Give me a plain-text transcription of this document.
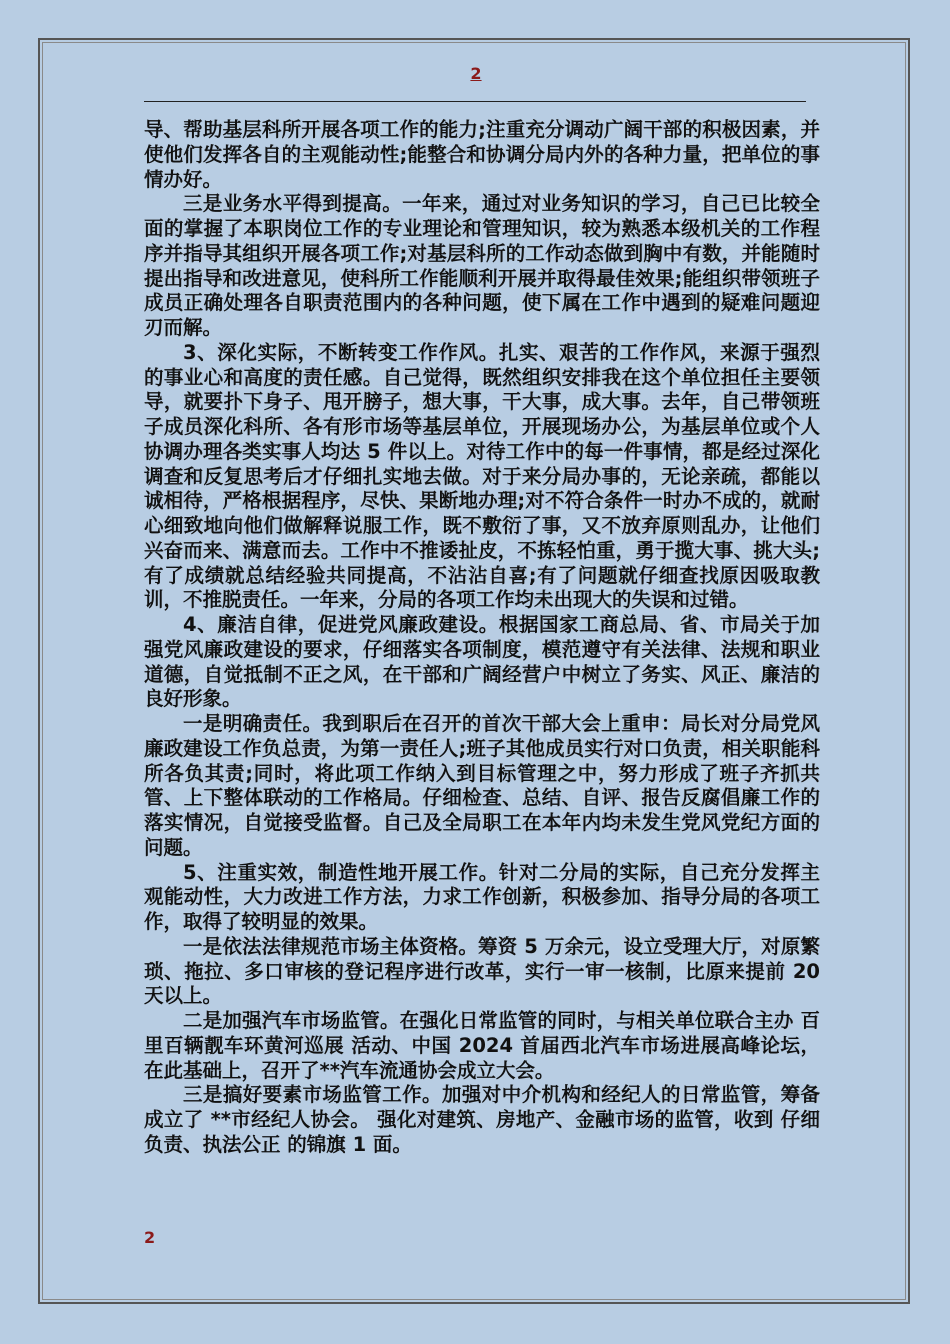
2

导、帮助基层科所开展各项工作的能力;注重充分调动广阔干部的积极因素，并使他们发挥各自的主观能动性;能整合和协调分局内外的各种力量，把单位的事情办好。

三是业务水平得到提高。一年来，通过对业务知识的学习，自己已比较全面的掌握了本职岗位工作的专业理论和管理知识，较为熟悉本级机关的工作程序并指导其组织开展各项工作;对基层科所的工作动态做到胸中有数，并能随时提出指导和改进意见，使科所工作能顺利开展并取得最佳效果;能组织带领班子成员正确处理各自职责范围内的各种问题，使下属在工作中遇到的疑难问题迎刃而解。

3、深化实际，不断转变工作作风。扎实、艰苦的工作作风，来源于强烈的事业心和高度的责任感。自己觉得，既然组织安排我在这个单位担任主要领导，就要扑下身子、甩开膀子，想大事，干大事，成大事。去年，自己带领班子成员深化科所、各有形市场等基层单位，开展现场办公，为基层单位或个人协调办理各类实事人均达 5 件以上。对待工作中的每一件事情，都是经过深化调查和反复思考后才仔细扎实地去做。对于来分局办事的，无论亲疏，都能以诚相待，严格根据程序，尽快、果断地办理;对不符合条件一时办不成的，就耐心细致地向他们做解释说服工作，既不敷衍了事，又不放弃原则乱办，让他们兴奋而来、满意而去。工作中不推诿扯皮，不拣轻怕重，勇于揽大事、挑大头;有了成绩就总结经验共同提高，不沾沾自喜;有了问题就仔细查找原因吸取教训，不推脱责任。一年来，分局的各项工作均未出现大的失误和过错。

4、廉洁自律，促进党风廉政建设。根据国家工商总局、省、市局关于加强党风廉政建设的要求，仔细落实各项制度，模范遵守有关法律、法规和职业道德，自觉抵制不正之风，在干部和广阔经营户中树立了务实、风正、廉洁的良好形象。

一是明确责任。我到职后在召开的首次干部大会上重申：局长对分局党风廉政建设工作负总责，为第一责任人;班子其他成员实行对口负责，相关职能科所各负其责;同时，将此项工作纳入到目标管理之中，努力形成了班子齐抓共管、上下整体联动的工作格局。仔细检查、总结、自评、报告反腐倡廉工作的落实情况，自觉接受监督。自己及全局职工在本年内均未发生党风党纪方面的问题。

5、注重实效，制造性地开展工作。针对二分局的实际，自己充分发挥主观能动性，大力改进工作方法，力求工作创新，积极参加、指导分局的各项工作，取得了较明显的效果。

一是依法法律规范市场主体资格。筹资 5 万余元，设立受理大厅，对原繁琐、拖拉、多口审核的登记程序进行改革，实行一审一核制，比原来提前 20 天以上。

二是加强汽车市场监管。在强化日常监管的同时，与相关单位联合主办 百里百辆靓车环黄河巡展 活动、中国 2024 首届西北汽车市场进展高峰论坛，在此基础上，召开了**汽车流通协会成立大会。

三是搞好要素市场监管工作。加强对中介机构和经纪人的日常监管，筹备成立了 **市经纪人协会。 强化对建筑、房地产、金融市场的监管，收到 仔细负责、执法公正 的锦旗 1 面。

2
